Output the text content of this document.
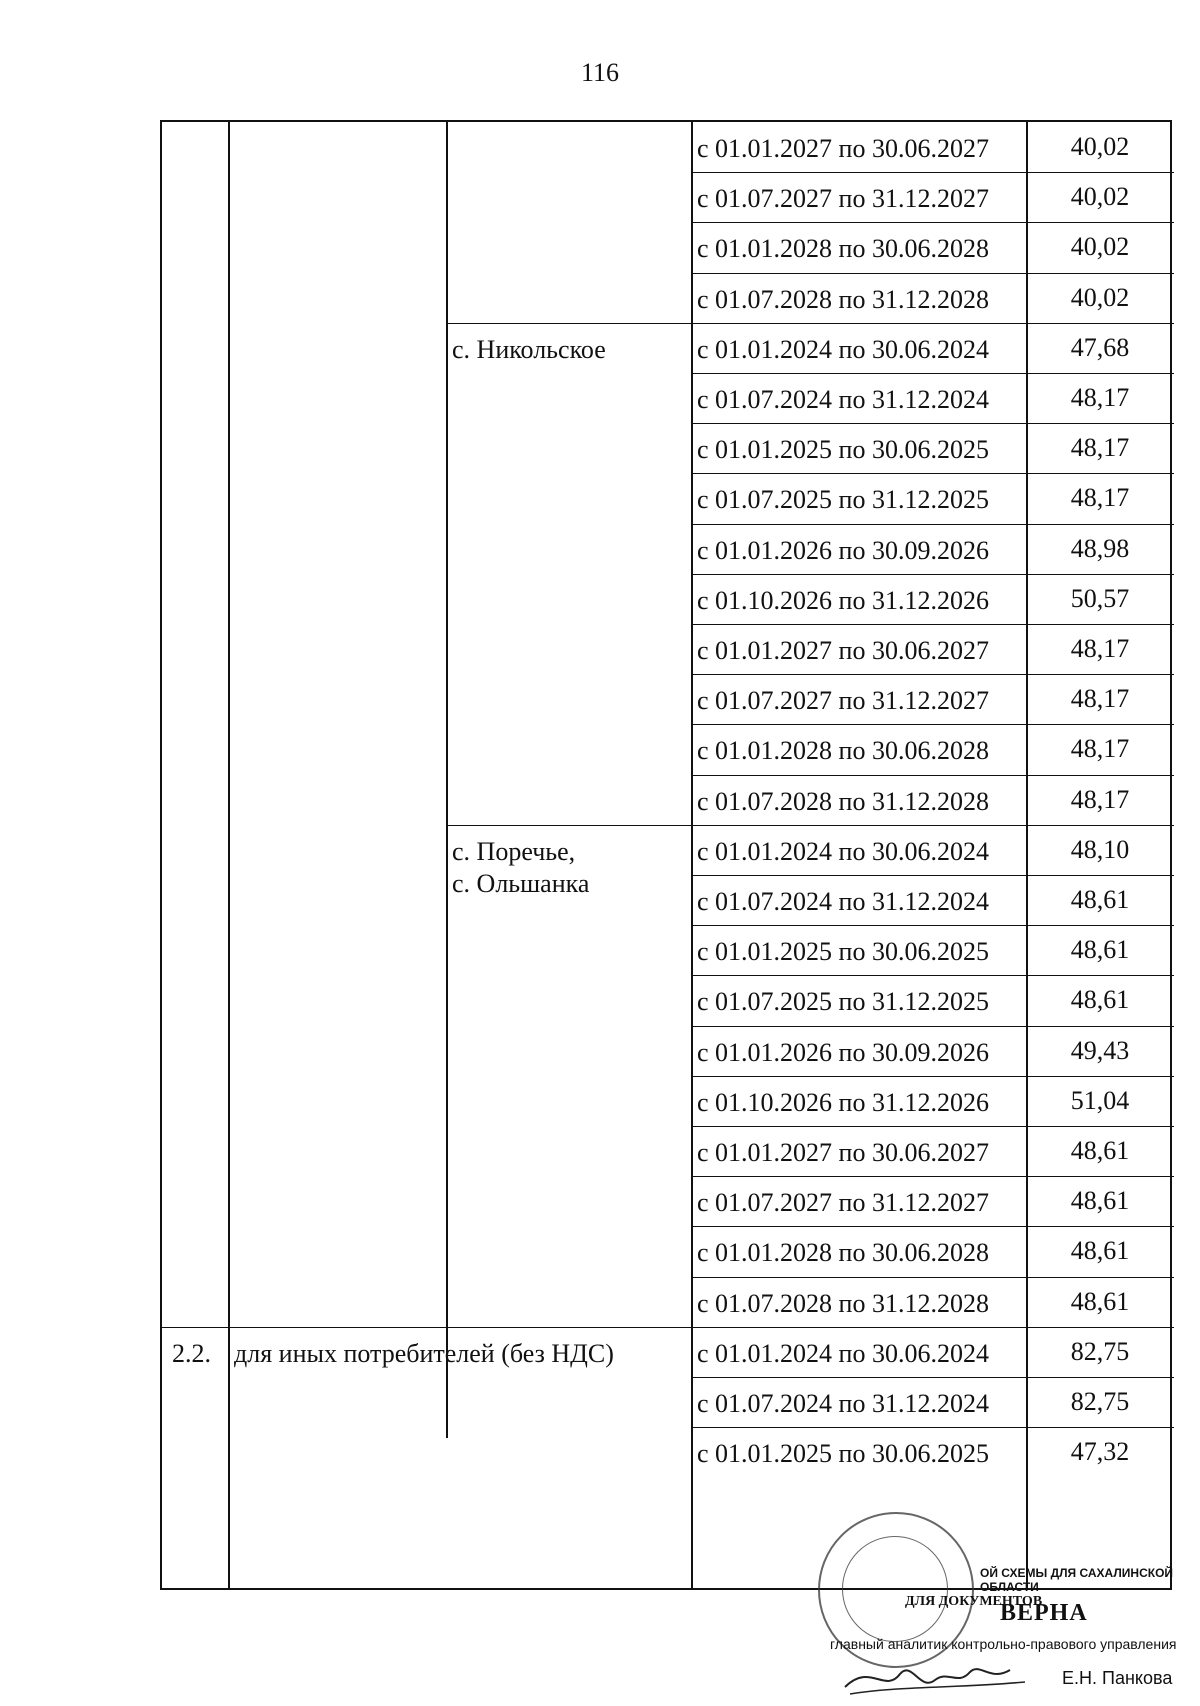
116
с 01.01.2027 по 30.06.2027	40,02
с 01.07.2027 по 31.12.2027	40,02
с 01.01.2028 по 30.06.2028	40,02
с 01.07.2028 по 31.12.2028	40,02
с. Никольское	с 01.01.2024 по 30.06.2024	47,68
с 01.07.2024 по 31.12.2024	48,17
с 01.01.2025 по 30.06.2025	48,17
с 01.07.2025 по 31.12.2025	48,17
с 01.01.2026 по 30.09.2026	48,98
с 01.10.2026 по 31.12.2026	50,57
с 01.01.2027 по 30.06.2027	48,17
с 01.07.2027 по 31.12.2027	48,17
с 01.01.2028 по 30.06.2028	48,17
с 01.07.2028 по 31.12.2028	48,17
с. Поречье,
с. Ольшанка
с 01.01.2024 по 30.06.2024	48,10
с 01.07.2024 по 31.12.2024	48,61
с 01.01.2025 по 30.06.2025	48,61
с 01.07.2025 по 31.12.2025	48,61
с 01.01.2026 по 30.09.2026	49,43
с 01.10.2026 по 31.12.2026	51,04
с 01.01.2027 по 30.06.2027	48,61
с 01.07.2027 по 31.12.2027	48,61
с 01.01.2028 по 30.06.2028	48,61
с 01.07.2028 по 31.12.2028	48,61
2.2. для иных потребителей (без НДС)	с 01.01.2024 по 30.06.2024	82,75
с 01.07.2024 по 31.12.2024	82,75
с 01.01.2025 по 30.06.2025	47,32
ОЙ СХЕМЫ ДЛЯ САХАЛИНСКОЙ ОБЛАСТИ
ДЛЯ ДОКУМЕНТОВ
ВЕРНА
главный аналитик контрольно-правового управления
Е.Н. Панкова
